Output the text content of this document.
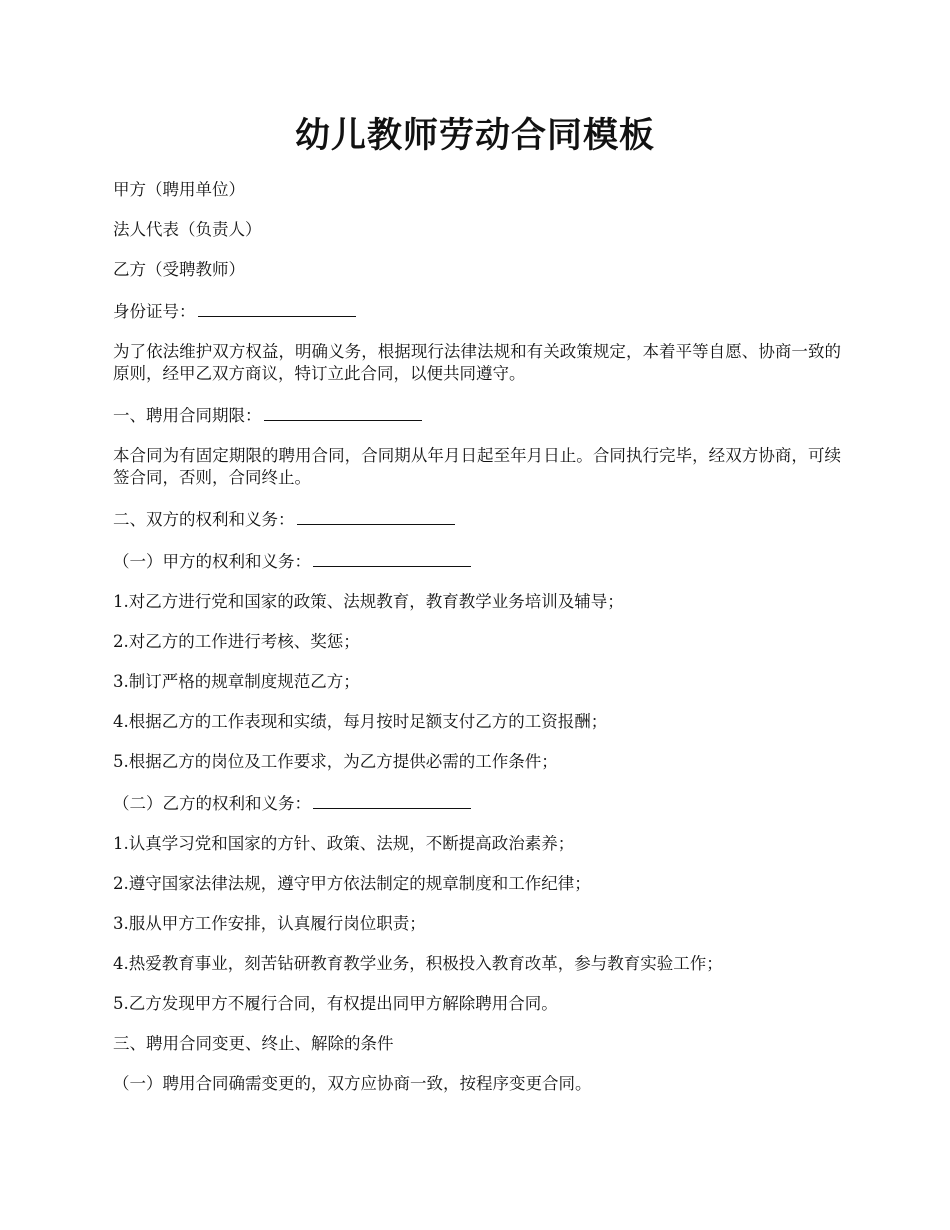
幼儿教师劳动合同模板

甲方（聘用单位）

法人代表（负责人）

乙方（受聘教师）

身份证号：

为了依法维护双方权益，明确义务，根据现行法律法规和有关政策规定，本着平等自愿、协商一致的原则，经甲乙双方商议，特订立此合同，以便共同遵守。

一、聘用合同期限：

本合同为有固定期限的聘用合同，合同期从年月日起至年月日止。合同执行完毕，经双方协商，可续签合同，否则，合同终止。

二、双方的权利和义务：

（一）甲方的权利和义务：

1.对乙方进行党和国家的政策、法规教育，教育教学业务培训及辅导；

2.对乙方的工作进行考核、奖惩；

3.制订严格的规章制度规范乙方；

4.根据乙方的工作表现和实绩，每月按时足额支付乙方的工资报酬；

5.根据乙方的岗位及工作要求，为乙方提供必需的工作条件；

（二）乙方的权利和义务：

1.认真学习党和国家的方针、政策、法规，不断提高政治素养；

2.遵守国家法律法规，遵守甲方依法制定的规章制度和工作纪律；

3.服从甲方工作安排，认真履行岗位职责；

4.热爱教育事业，刻苦钻研教育教学业务，积极投入教育改革，参与教育实验工作；

5.乙方发现甲方不履行合同，有权提出同甲方解除聘用合同。

三、聘用合同变更、终止、解除的条件

（一）聘用合同确需变更的，双方应协商一致，按程序变更合同。
